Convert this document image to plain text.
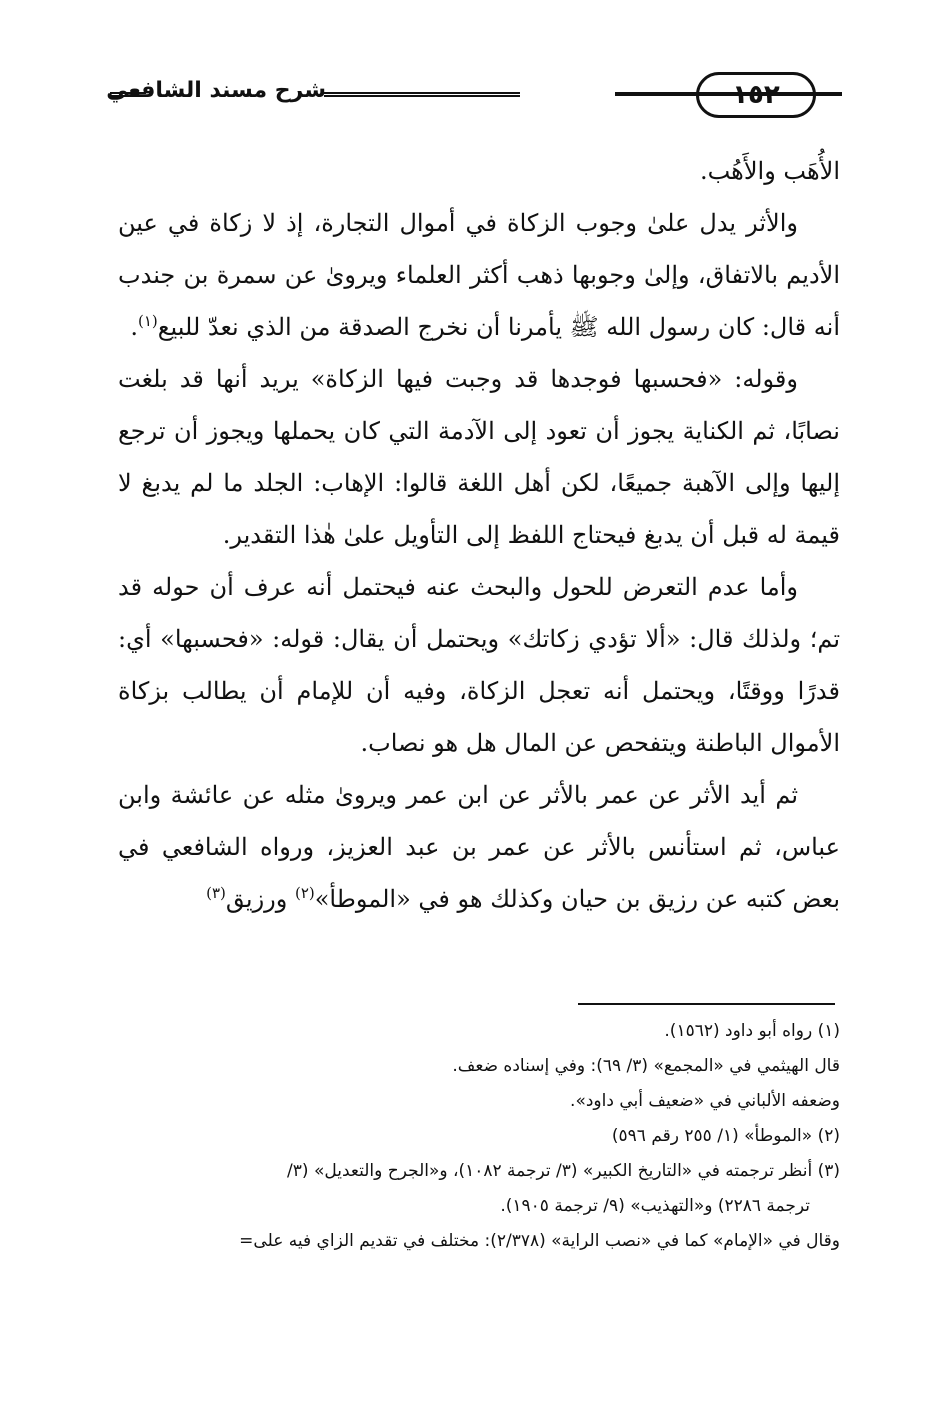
شرح مسند الشافعي	١٥٢

الأُهَب والأَهُب.

والأثر يدل علىٰ وجوب الزكاة في أموال التجارة، إذ لا زكاة في عين الأديم بالاتفاق، وإلىٰ وجوبها ذهب أكثر العلماء ويروىٰ عن سمرة بن جندب أنه قال: كان رسول الله ﷺ يأمرنا أن نخرج الصدقة من الذي نعدّ للبيع$^{(١)}$.

وقوله: «فحسبها فوجدها قد وجبت فيها الزكاة» يريد أنها قد بلغت نصابًا، ثم الكناية يجوز أن تعود إلى الآدمة التي كان يحملها ويجوز أن ترجع إليها وإلى الآهبة جميعًا، لكن أهل اللغة قالوا: الإهاب: الجلد ما لم يدبغ لا قيمة له قبل أن يدبغ فيحتاج اللفظ إلى التأويل علىٰ هٰذا التقدير.

وأما عدم التعرض للحول والبحث عنه فيحتمل أنه عرف أن حوله قد تم؛ ولذلك قال: «ألا تؤدي زكاتك» ويحتمل أن يقال: قوله: «فحسبها» أي: قدرًا ووقتًا، ويحتمل أنه تعجل الزكاة، وفيه أن للإمام أن يطالب بزكاة الأموال الباطنة ويتفحص عن المال هل هو نصاب.

ثم أيد الأثر عن عمر بالأثر عن ابن عمر ويروىٰ مثله عن عائشة وابن عباس، ثم استأنس بالأثر عن عمر بن عبد العزيز، ورواه الشافعي في بعض كتبه عن رزيق بن حيان وكذلك هو في «الموطأ»$^{(٢)}$ ورزيق$^{(٣)}$

(١) رواه أبو داود (١٥٦٢).

قال الهيثمي في «المجمع» (٣/ ٦٩): وفي إسناده ضعف.

وضعفه الألباني في «ضعيف أبي داود».

(٢) «الموطأ» (١/ ٢٥٥ رقم ٥٩٦)

(٣) أنظر ترجمته في «التاريخ الكبير» (٣/ ترجمة ١٠٨٢)، و«الجرح والتعديل» (٣/

ترجمة ٢٢٨٦) و«التهذيب» (٩/ ترجمة ١٩٠٥).

وقال في «الإمام» كما في «نصب الراية» (٢/٣٧٨): مختلف في تقديم الزاي فيه على=
